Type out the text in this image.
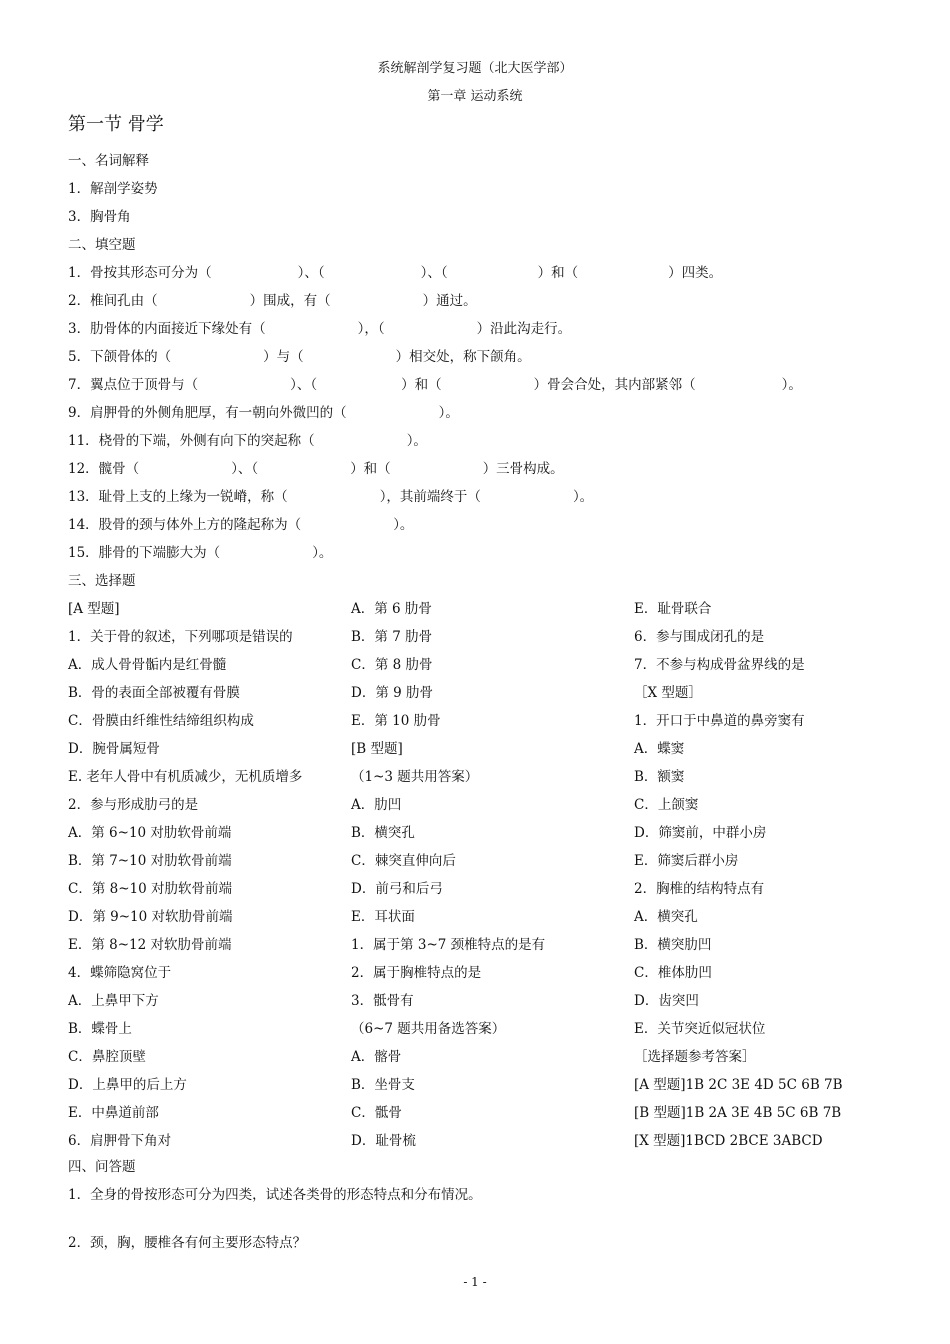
系统解剖学复习题（北大医学部）
第一章 运动系统
第一节 骨学
一、名词解释
1．解剖学姿势
3．胸骨角
二、填空题
1．骨按其形态可分为（	）、（	）、（	）和（	）四类。
2．椎间孔由（	）围成，有（	）通过。
3．肋骨体的内面接近下缘处有（	），（	）沿此沟走行。
5．下颌骨体的（	）与（	）相交处，称下颌角。
7．翼点位于顶骨与（	）、（	）和（	）骨会合处，其内部紧邻（	）。
9．肩胛骨的外侧角肥厚，有一朝向外微凹的（	）。
11．桡骨的下端，外侧有向下的突起称（	）。
12．髋骨（	）、（	）和（	）三骨构成。
13．耻骨上支的上缘为一锐嵴，称（	），其前端终于（	）。
14．股骨的颈与体外上方的隆起称为（	）。
15．腓骨的下端膨大为（	）。
三、选择题
[A 型题]
1．关于骨的叙述，下列哪项是错误的
A．成人骨骨骺内是红骨髓
B．骨的表面全部被覆有骨膜
C．骨膜由纤维性结缔组织构成
D．腕骨属短骨
E. 老年人骨中有机质减少，无机质增多
2．参与形成肋弓的是
A．第 6~10 对肋软骨前端
B．第 7~10 对肋软骨前端
C．第 8~10 对肋软骨前端
D．第 9~10 对软肋骨前端
E．第 8~12 对软肋骨前端
4．蝶筛隐窝位于
A．上鼻甲下方
B．蝶骨上
C．鼻腔顶壁
D．上鼻甲的后上方
E．中鼻道前部
6．肩胛骨下角对
A．第 6 肋骨
B．第 7 肋骨
C．第 8 肋骨
D．第 9 肋骨
E．第 10 肋骨
[B 型题]
（1~3 题共用答案）
A．肋凹
B．横突孔
C．棘突直伸向后
D．前弓和后弓
E．耳状面
1．属于第 3~7 颈椎特点的是有
2．属于胸椎特点的是
3．骶骨有
（6~7 题共用备选答案）
A．髂骨
B．坐骨支
C．骶骨
D．耻骨梳
E．耻骨联合
6．参与围成闭孔的是
7．不参与构成骨盆界线的是
［X 型题］
1．开口于中鼻道的鼻旁窦有
A．蝶窦
B．额窦
C．上颌窦
D．筛窦前，中群小房
E．筛窦后群小房
2．胸椎的结构特点有
A．横突孔
B．横突肋凹
C．椎体肋凹
D．齿突凹
E．关节突近似冠状位
［选择题参考答案］
[A 型题]1B 2C 3E 4D 5C 6B 7B
[B 型题]1B 2A 3E 4B 5C 6B 7B
[X 型题]1BCD 2BCE 3ABCD
四、问答题
1．全身的骨按形态可分为四类，试述各类骨的形态特点和分布情况。
2．颈，胸，腰椎各有何主要形态特点？
- 1 -
